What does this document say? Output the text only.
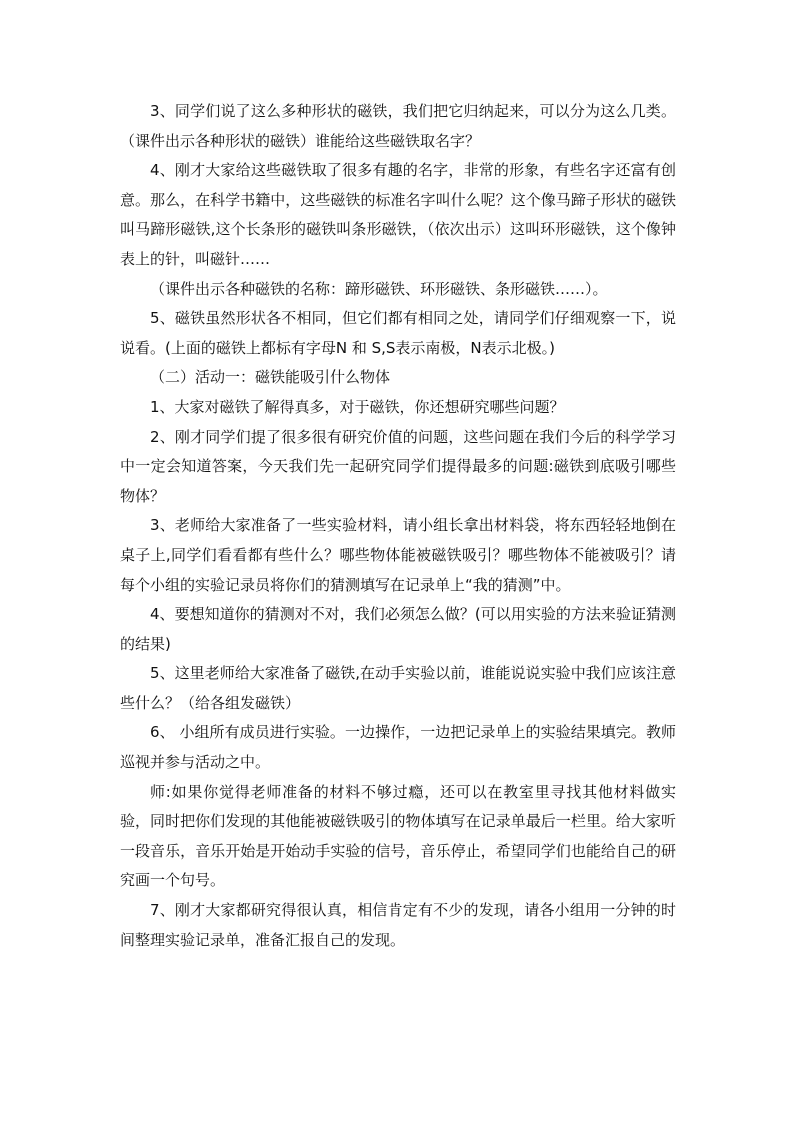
3、同学们说了这么多种形状的磁铁，我们把它归纳起来，可以分为这么几类。（课件出示各种形状的磁铁）谁能给这些磁铁取名字？

4、刚才大家给这些磁铁取了很多有趣的名字，非常的形象，有些名字还富有创意。那么，在科学书籍中，这些磁铁的标准名字叫什么呢？这个像马蹄子形状的磁铁叫马蹄形磁铁,这个长条形的磁铁叫条形磁铁，（依次出示）这叫环形磁铁，这个像钟表上的针，叫磁针……

（课件出示各种磁铁的名称：蹄形磁铁、环形磁铁、条形磁铁……）。

5、磁铁虽然形状各不相同，但它们都有相同之处，请同学们仔细观察一下，说说看。(上面的磁铁上都标有字母N 和 S,S表示南极，N表示北极。)

（二）活动一：磁铁能吸引什么物体

1、大家对磁铁了解得真多，对于磁铁，你还想研究哪些问题？

2、刚才同学们提了很多很有研究价值的问题，这些问题在我们今后的科学学习中一定会知道答案，今天我们先一起研究同学们提得最多的问题:磁铁到底吸引哪些物体？

3、老师给大家准备了一些实验材料，请小组长拿出材料袋，将东西轻轻地倒在桌子上,同学们看看都有些什么？哪些物体能被磁铁吸引？哪些物体不能被吸引？请每个小组的实验记录员将你们的猜测填写在记录单上“我的猜测”中。

4、要想知道你的猜测对不对，我们必须怎么做？(可以用实验的方法来验证猜测的结果)

5、这里老师给大家准备了磁铁,在动手实验以前，谁能说说实验中我们应该注意些什么？（给各组发磁铁）

6、 小组所有成员进行实验。一边操作，一边把记录单上的实验结果填完。教师巡视并参与活动之中。

师:如果你觉得老师准备的材料不够过瘾，还可以在教室里寻找其他材料做实验，同时把你们发现的其他能被磁铁吸引的物体填写在记录单最后一栏里。给大家听一段音乐，音乐开始是开始动手实验的信号，音乐停止，希望同学们也能给自己的研究画一个句号。

7、刚才大家都研究得很认真，相信肯定有不少的发现，请各小组用一分钟的时间整理实验记录单，准备汇报自己的发现。
